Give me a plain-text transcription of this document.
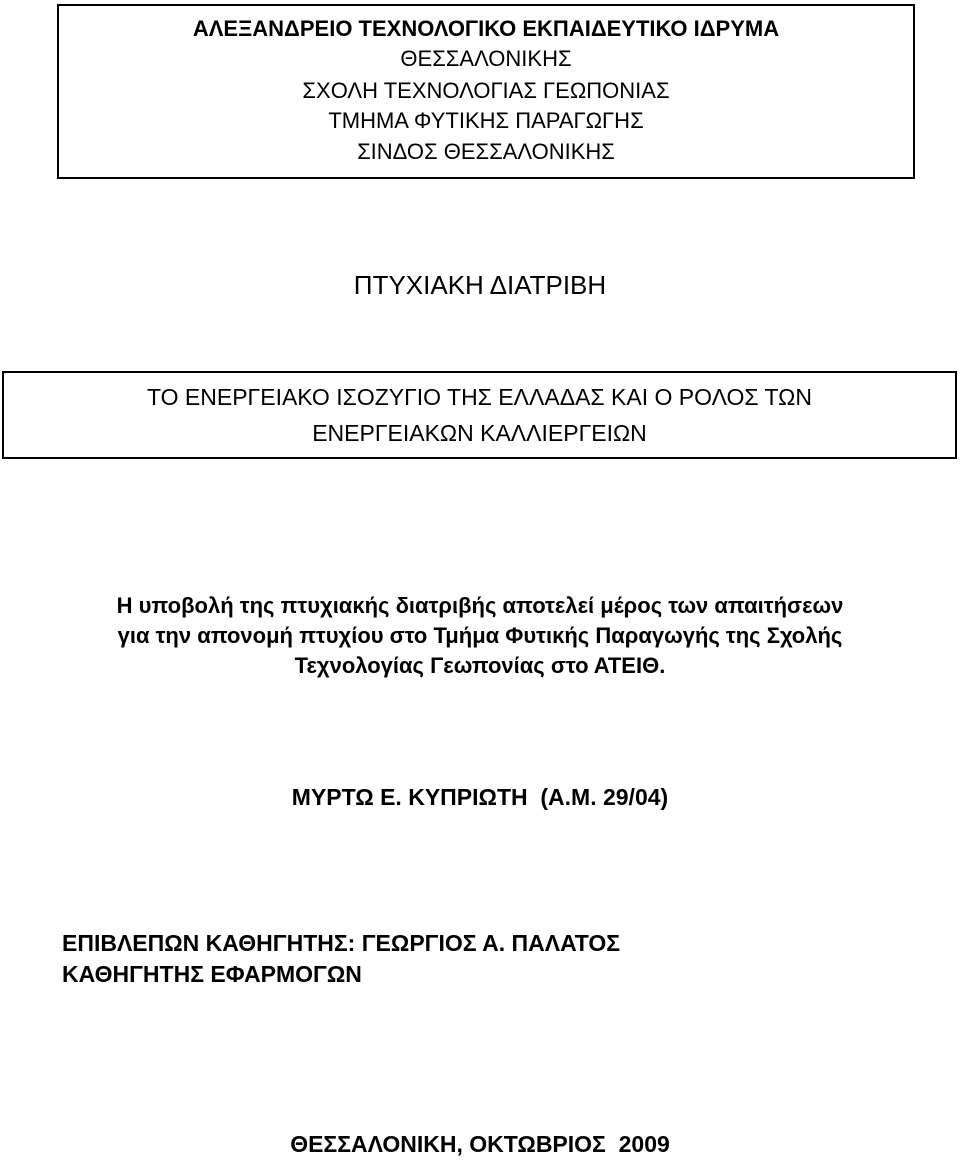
ΑΛΕΞΑΝΔΡΕΙΟ ΤΕΧΝΟΛΟΓΙΚΟ ΕΚΠΑΙΔΕΥΤΙΚΟ ΙΔΡΥΜΑ
ΘΕΣΣΑΛΟΝΙΚΗΣ
ΣΧΟΛΗ ΤΕΧΝΟΛΟΓΙΑΣ ΓΕΩΠΟΝΙΑΣ
ΤΜΗΜΑ ΦΥΤΙΚΗΣ ΠΑΡΑΓΩΓΗΣ
ΣΙΝΔΟΣ ΘΕΣΣΑΛΟΝΙΚΗΣ
ΠΤΥΧΙΑΚΗ ΔΙΑΤΡΙΒΗ
ΤΟ ΕΝΕΡΓΕΙΑΚΟ ΙΣΟΖΥΓΙΟ ΤΗΣ ΕΛΛΑΔΑΣ ΚΑΙ Ο ΡΟΛΟΣ ΤΩΝ
ΕΝΕΡΓΕΙΑΚΩΝ ΚΑΛΛΙΕΡΓΕΙΩΝ
Η υποβολή της πτυχιακής διατριβής αποτελεί μέρος των απαιτήσεων
για την απονομή πτυχίου στο Τμήμα Φυτικής Παραγωγής της Σχολής
Τεχνολογίας Γεωπονίας στο ΑΤΕΙΘ.
ΜΥΡΤΩ Ε. ΚΥΠΡΙΩΤΗ  (Α.Μ. 29/04)
ΕΠΙΒΛΕΠΩΝ ΚΑΘΗΓΗΤΗΣ: ΓΕΩΡΓΙΟΣ Α. ΠΑΛΑΤΟΣ
ΚΑΘΗΓΗΤΗΣ ΕΦΑΡΜΟΓΩΝ
ΘΕΣΣΑΛΟΝΙΚΗ, ΟΚΤΩΒΡΙΟΣ  2009
